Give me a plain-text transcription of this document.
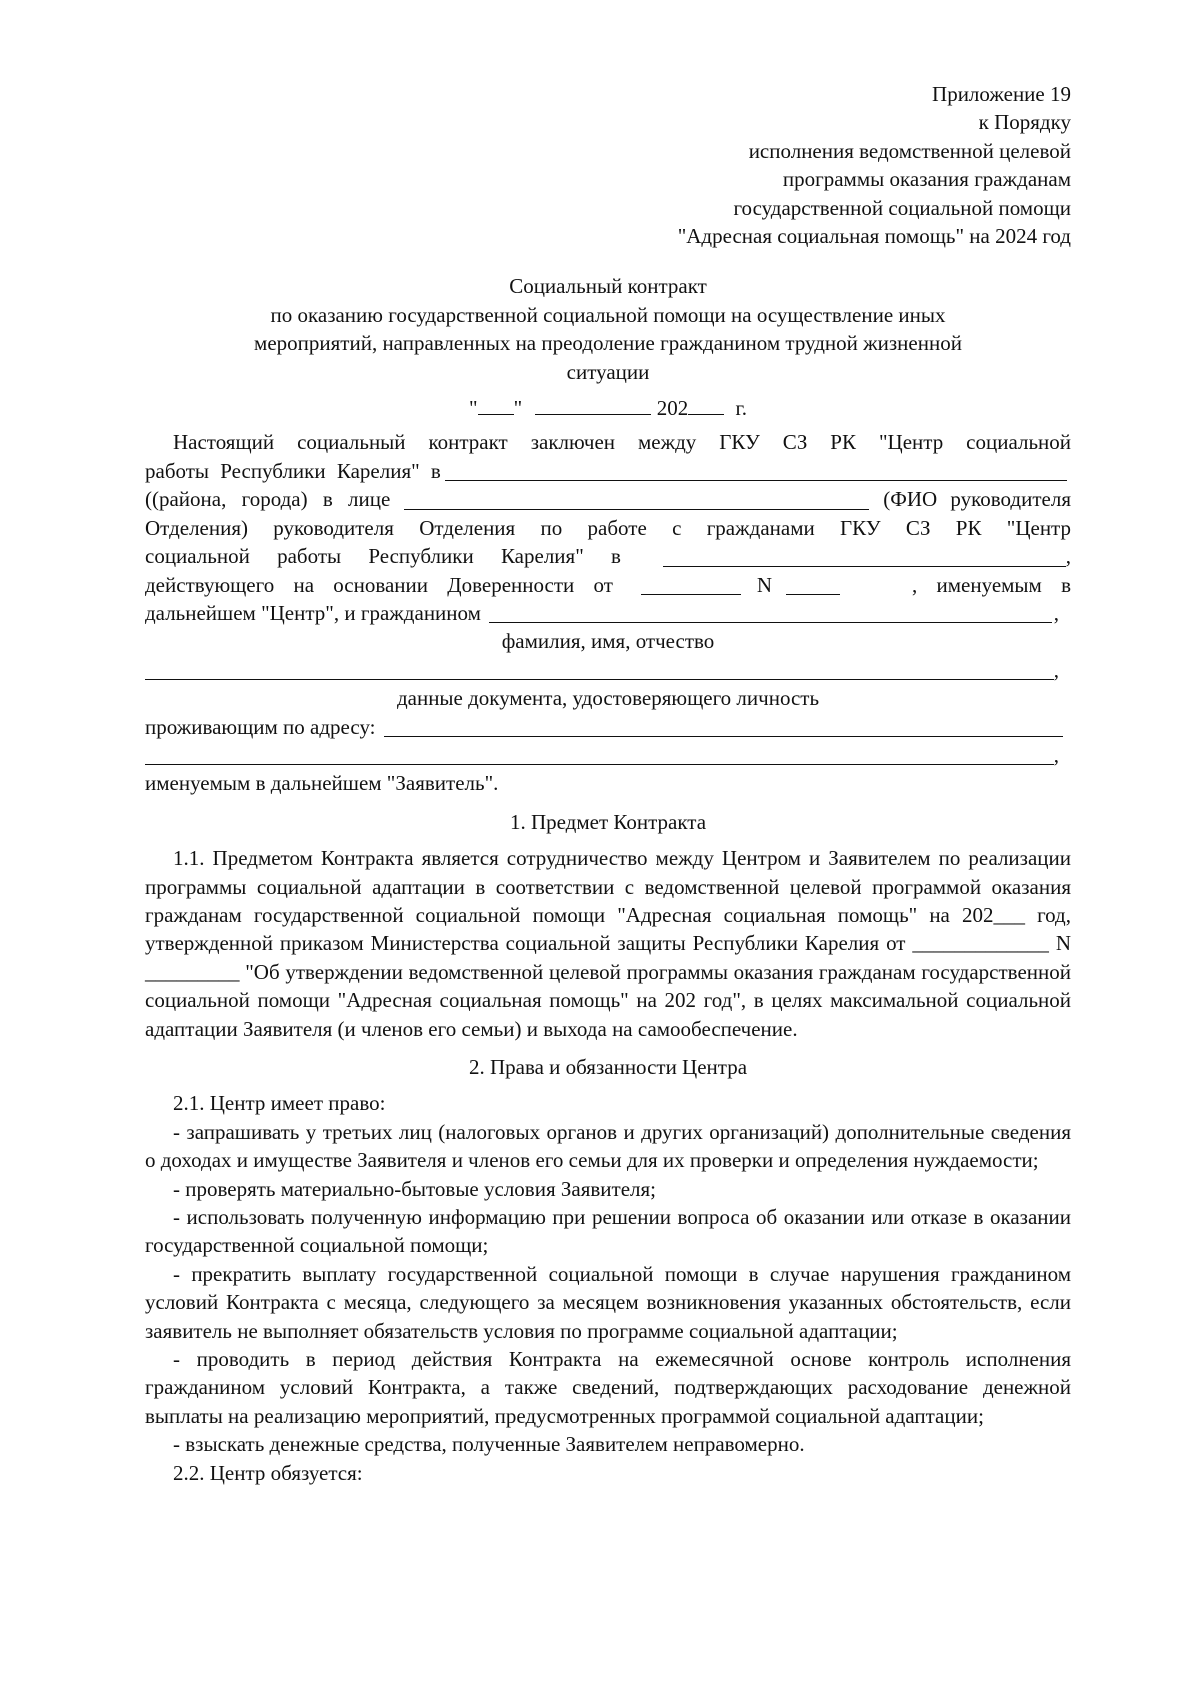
Приложение 19
к Порядку
исполнения ведомственной целевой
программы оказания гражданам
государственной социальной помощи
"Адресная социальная помощь" на 2024 год
Социальный контракт
по оказанию государственной социальной помощи на осуществление иных
мероприятий, направленных на преодоление гражданином трудной жизненной
ситуации
" "	202 г.
Настоящий социальный контракт заключен между ГКУ СЗ РК "Центр социальной
работы Республики Карелия" в
((района, города) в лице	(ФИО руководителя
Отделения) руководителя Отделения по работе с гражданами ГКУ СЗ РК "Центр
социальной работы Республики Карелия" в	,
действующего на основании Доверенности от	N	, именуемым в
дальнейшем "Центр", и гражданином	,
фамилия, имя, отчество
,
данные документа, удостоверяющего личность
проживающим по адресу:
,
именуемым в дальнейшем "Заявитель".
1. Предмет Контракта
1.1. Предметом Контракта является сотрудничество между Центром и Заявителем по реализации программы социальной адаптации в соответствии с ведомственной целевой программой оказания гражданам государственной социальной помощи "Адресная социальная помощь" на 202___ год, утвержденной приказом Министерства социальной защиты Республики Карелия от _____________ N _________ "Об утверждении ведомственной целевой программы оказания гражданам государственной социальной помощи "Адресная социальная помощь" на 202 год", в целях максимальной социальной адаптации Заявителя (и членов его семьи) и выхода на самообеспечение.
2. Права и обязанности Центра
2.1. Центр имеет право:
- запрашивать у третьих лиц (налоговых органов и других организаций) дополнительные сведения о доходах и имуществе Заявителя и членов его семьи для их проверки и определения нуждаемости;
- проверять материально-бытовые условия Заявителя;
- использовать полученную информацию при решении вопроса об оказании или отказе в оказании государственной социальной помощи;
- прекратить выплату государственной социальной помощи в случае нарушения гражданином условий Контракта с месяца, следующего за месяцем возникновения указанных обстоятельств, если заявитель не выполняет обязательств условия по программе социальной адаптации;
- проводить в период действия Контракта на ежемесячной основе контроль исполнения гражданином условий Контракта, а также сведений, подтверждающих расходование денежной выплаты на реализацию мероприятий, предусмотренных программой социальной адаптации;
- взыскать денежные средства, полученные Заявителем неправомерно.
2.2. Центр обязуется:
